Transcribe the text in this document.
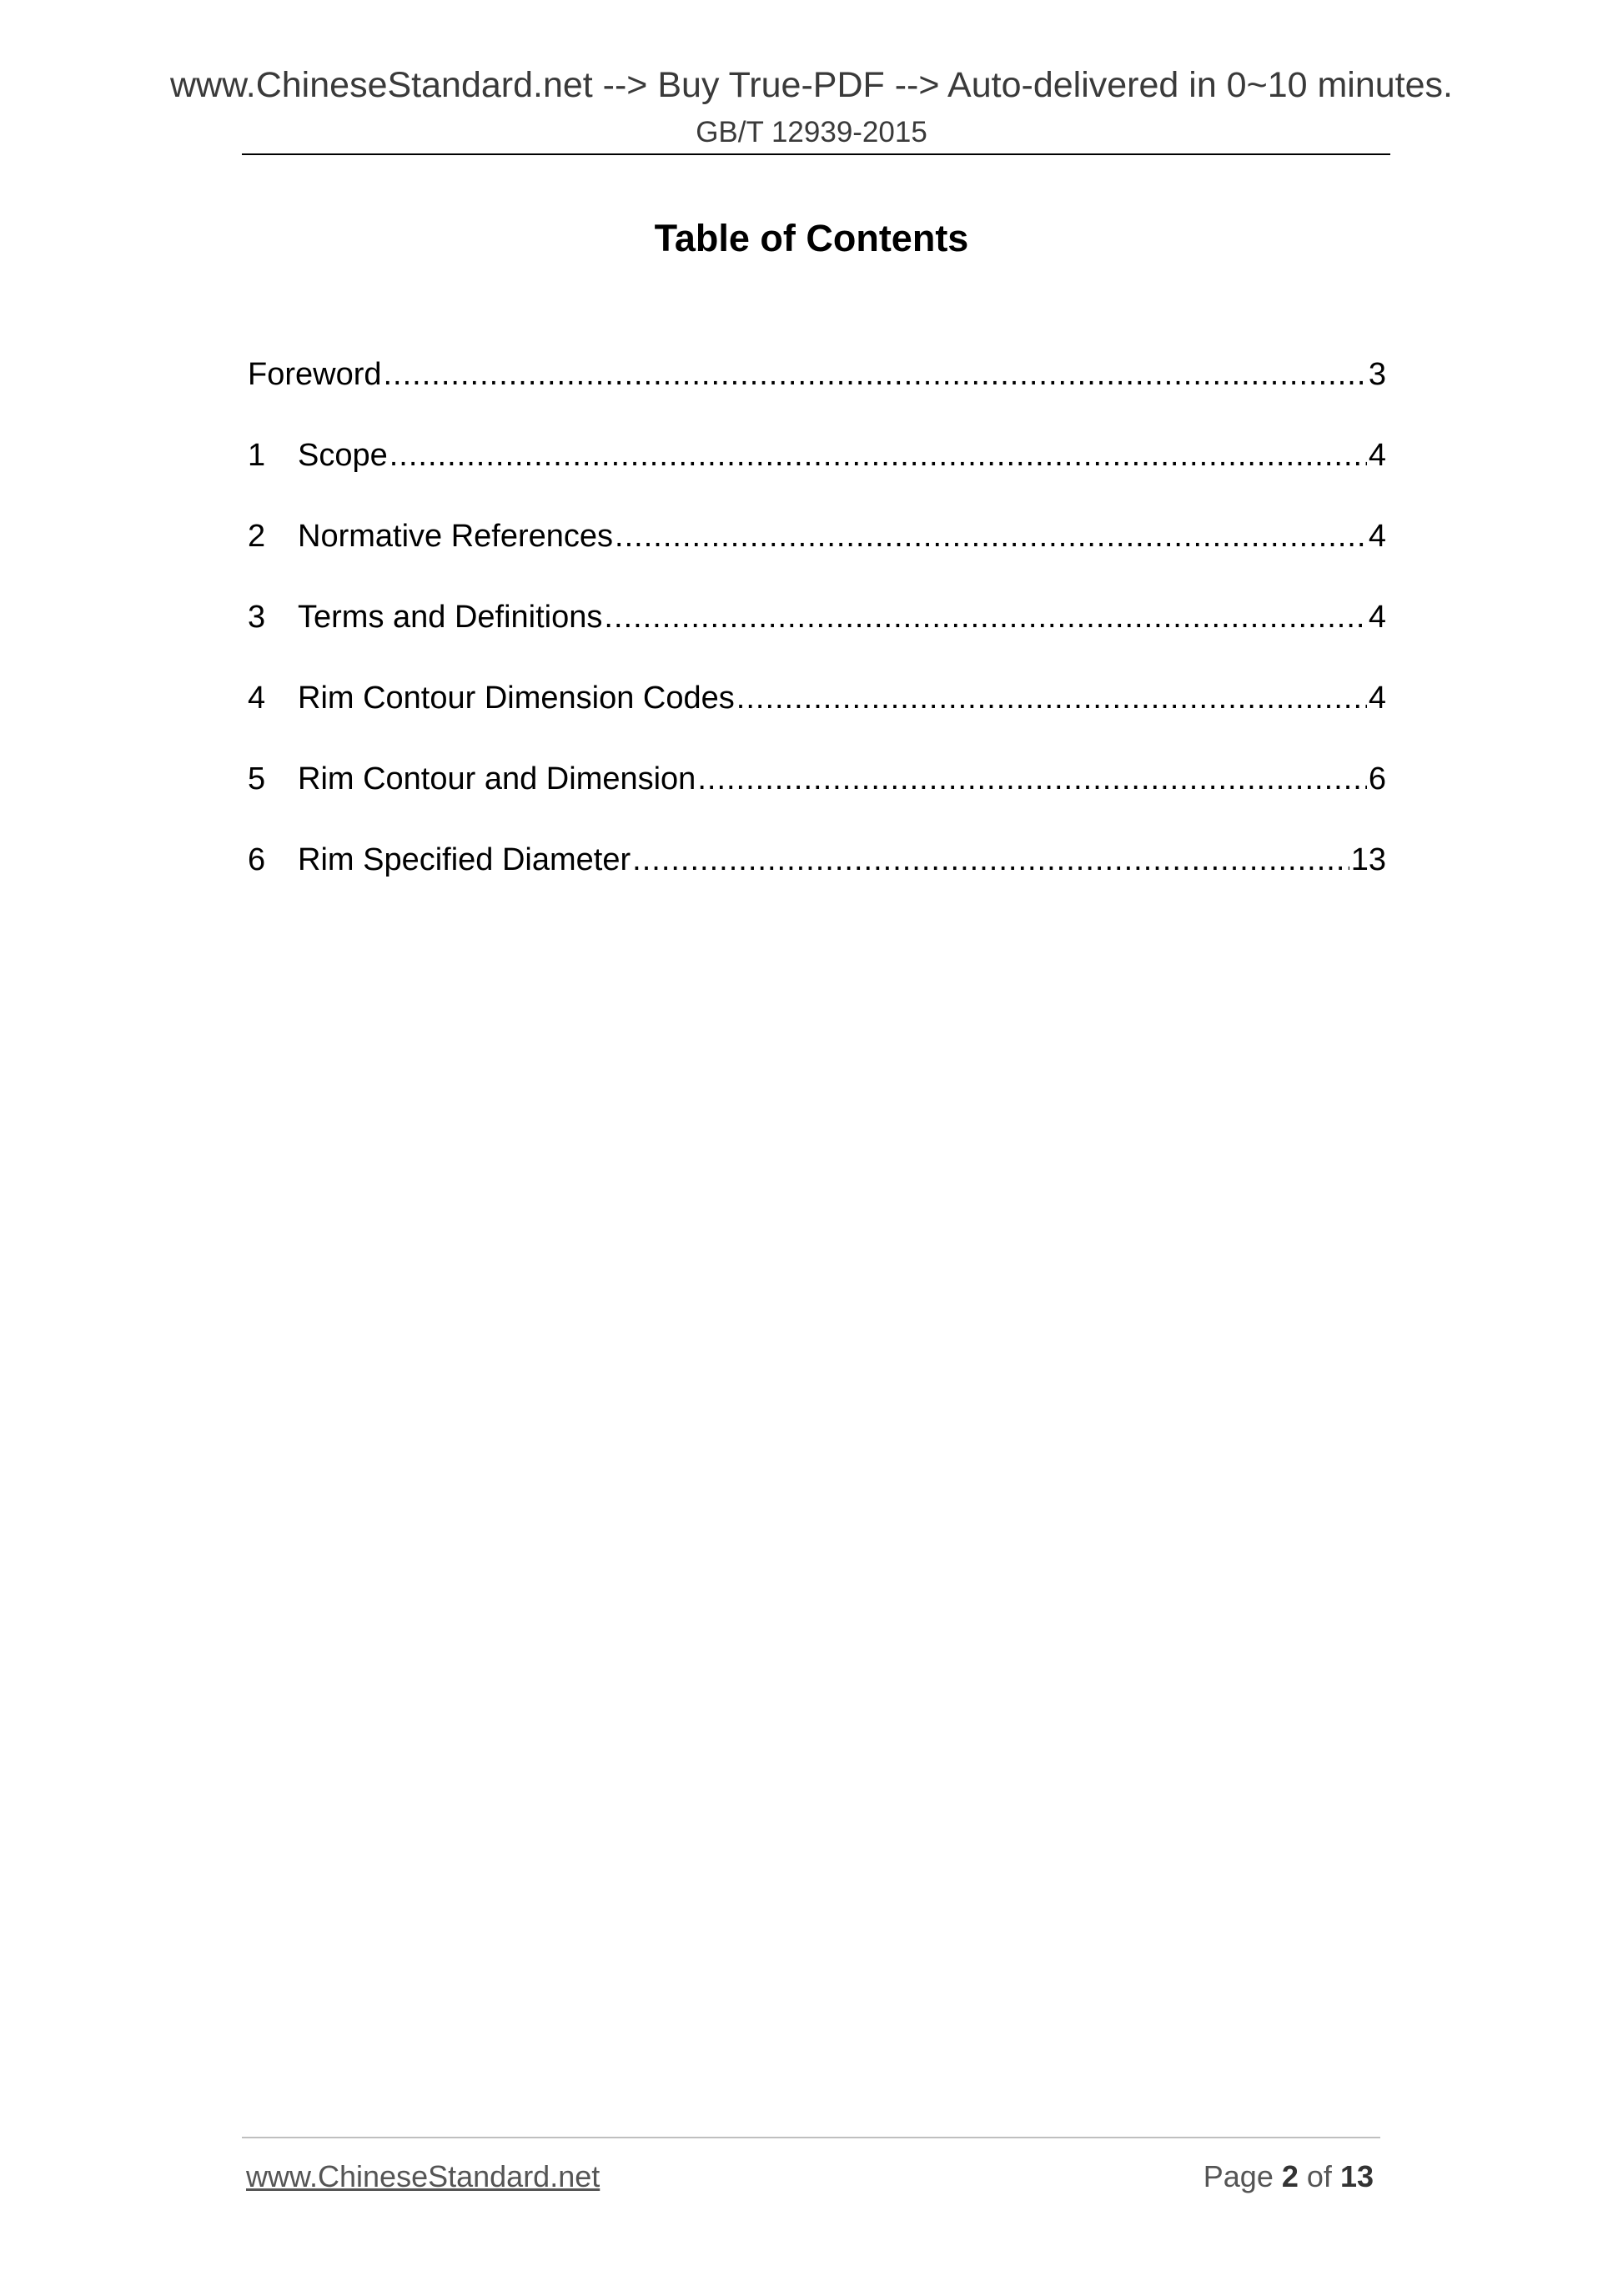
www.ChineseStandard.net --> Buy True-PDF --> Auto-delivered in 0~10 minutes.
GB/T 12939-2015
Table of Contents
Foreword .....	3
1	Scope .....	4
2	Normative References .....	4
3	Terms and Definitions .....	4
4	Rim Contour Dimension Codes .....	4
5	Rim Contour and Dimension .....	6
6	Rim Specified Diameter .....	13
www.ChineseStandard.net	Page 2 of 13
